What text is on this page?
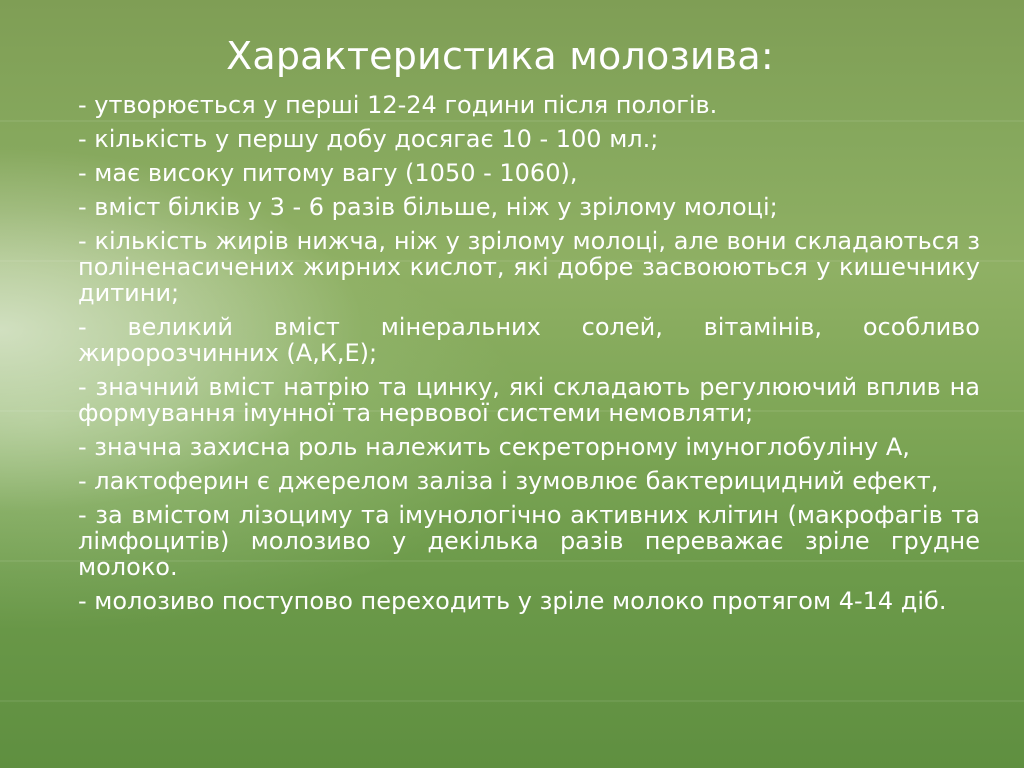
Характеристика молозива:
- утворюється у перші 12-24 години після пологів.
- кількість у першу добу досягає 10 - 100 мл.;
- має високу питому вагу (1050 - 1060),
- вміст білків у 3 - 6 разів більше, ніж у зрілому молоці;
- кількість жирів нижча, ніж у зрілому молоці, але вони складаються з поліненасичених жирних кислот, які добре засвоюються у кишечнику дитини;
- великий вміст мінеральних солей, вітамінів, особливо жиророзчинних (А,К,Е);
- значний вміст натрію та цинку, які складають регулюючий вплив на формування імунної та нервової системи немовляти;
- значна захисна роль належить секреторному імуноглобуліну А,
- лактоферин є джерелом заліза і зумовлює бактерицидний ефект,
- за вмістом лізоциму та імунологічно активних клітин (макрофагів та лімфоцитів) молозиво у декілька разів переважає зріле грудне молоко.
- молозиво поступово переходить у зріле молоко протягом 4-14 діб.
